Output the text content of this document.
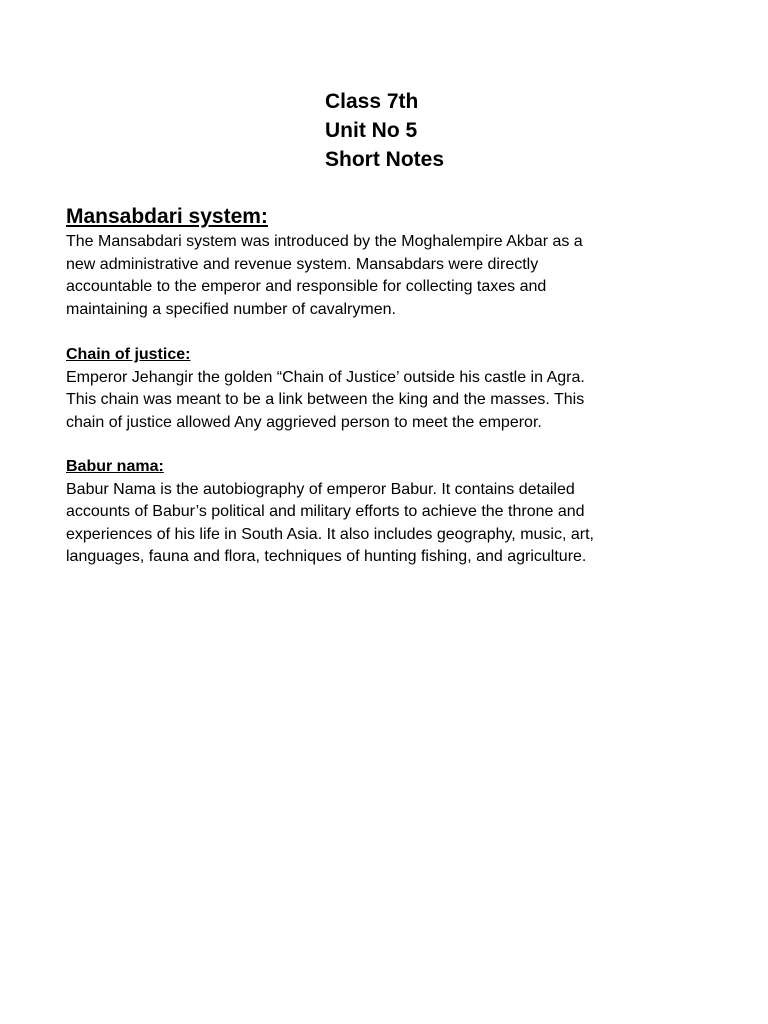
Class 7th
Unit No 5
Short Notes
Mansabdari system:
The Mansabdari system was introduced by the Moghalempire Akbar as a
new administrative and revenue system. Mansabdars were directly
accountable to the emperor and responsible for collecting taxes and
maintaining a specified number of cavalrymen.
Chain of justice:
Emperor Jehangir the golden “Chain of Justice’ outside his castle in Agra.
This chain was meant to be a link between the king and the masses. This
chain of justice allowed Any aggrieved person to meet the emperor.
Babur nama:
Babur Nama is the autobiography of emperor Babur. It contains detailed
accounts of Babur’s political and military efforts to achieve the throne and
experiences of his life in South Asia. It also includes geography, music, art,
languages, fauna and flora, techniques of hunting fishing, and agriculture.
